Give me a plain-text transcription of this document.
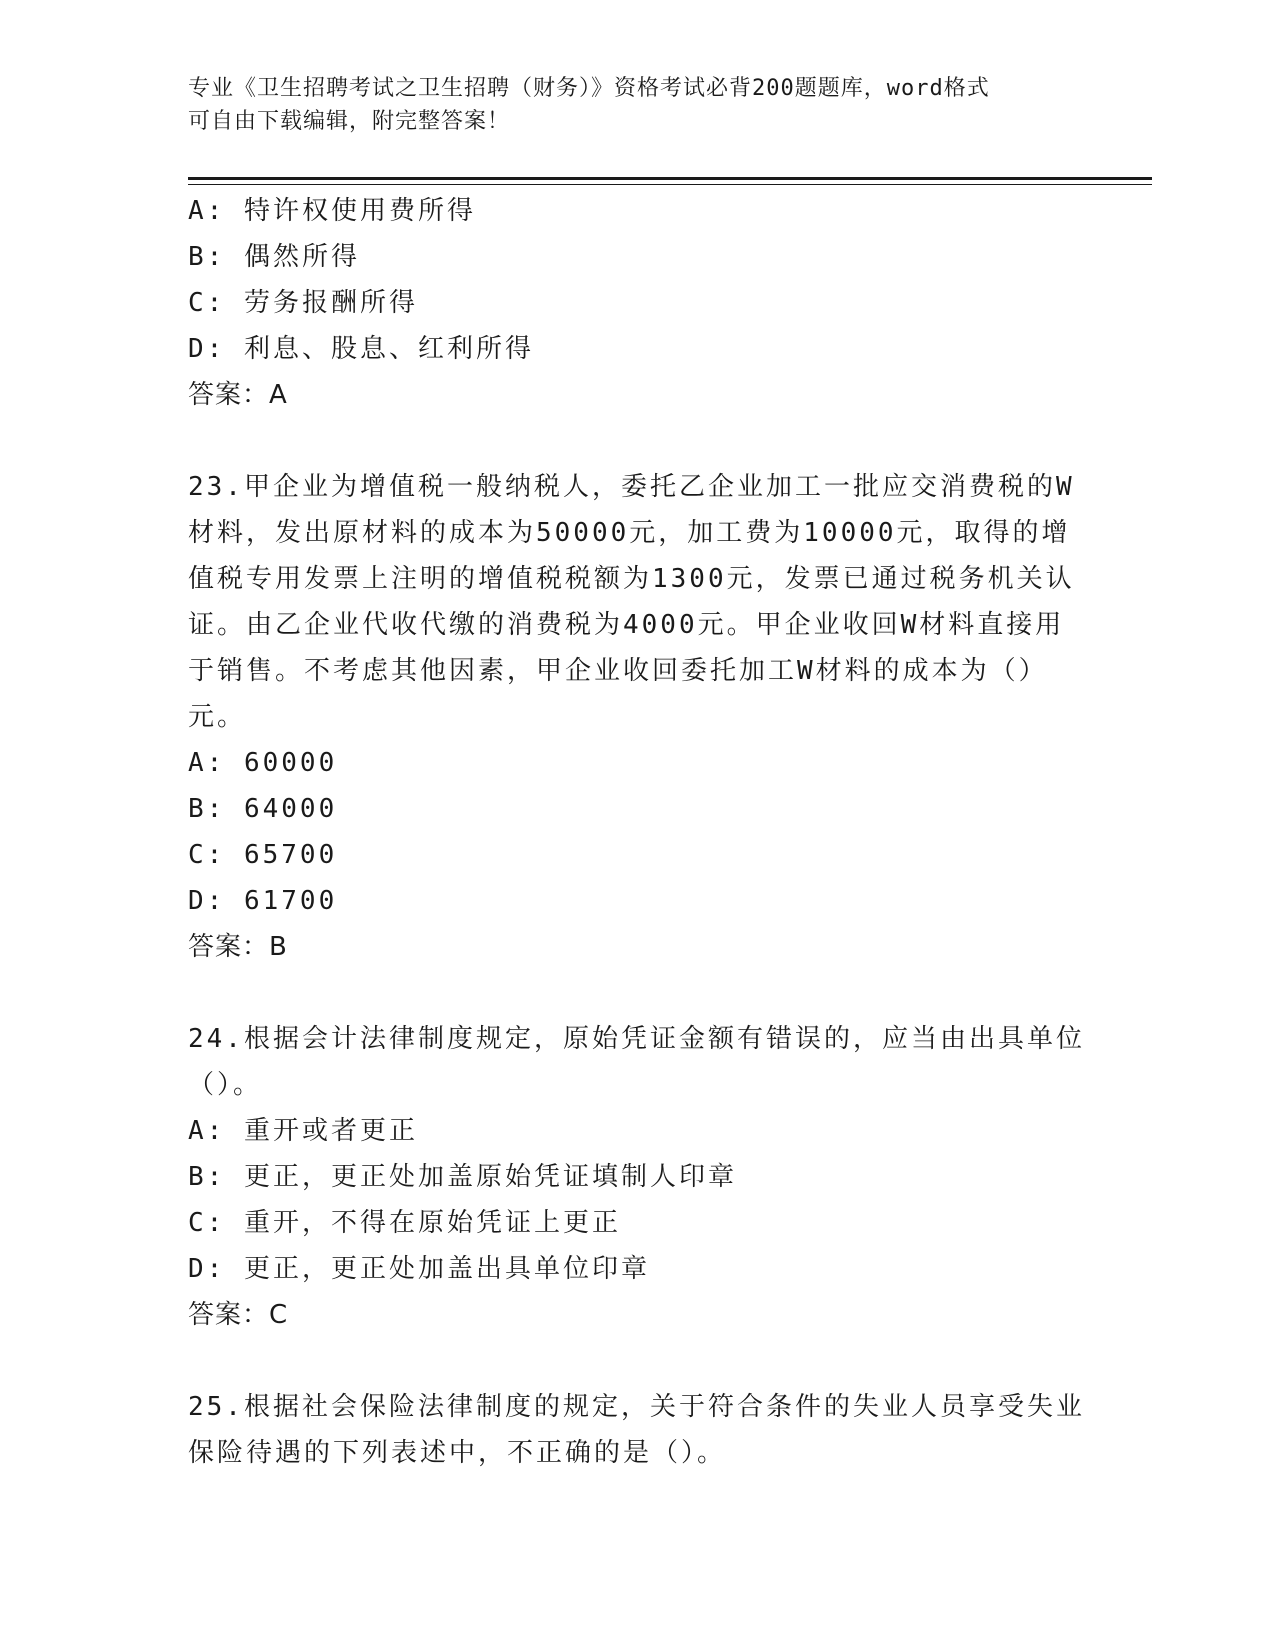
专业《卫生招聘考试之卫生招聘（财务）》资格考试必背200题题库，word格式
可自由下载编辑，附完整答案！
A: 特许权使用费所得
B: 偶然所得
C: 劳务报酬所得
D: 利息、股息、红利所得
答案：A
23.甲企业为增值税一般纳税人，委托乙企业加工一批应交消费税的W
材料，发出原材料的成本为50000元，加工费为10000元，取得的增
值税专用发票上注明的增值税税额为1300元，发票已通过税务机关认
证。由乙企业代收代缴的消费税为4000元。甲企业收回W材料直接用
于销售。不考虑其他因素，甲企业收回委托加工W材料的成本为（）
元。
A: 60000
B: 64000
C: 65700
D: 61700
答案：B
24.根据会计法律制度规定，原始凭证金额有错误的，应当由出具单位
（）。
A: 重开或者更正
B: 更正，更正处加盖原始凭证填制人印章
C: 重开，不得在原始凭证上更正
D: 更正，更正处加盖出具单位印章
答案：C
25.根据社会保险法律制度的规定，关于符合条件的失业人员享受失业
保险待遇的下列表述中，不正确的是（）。
